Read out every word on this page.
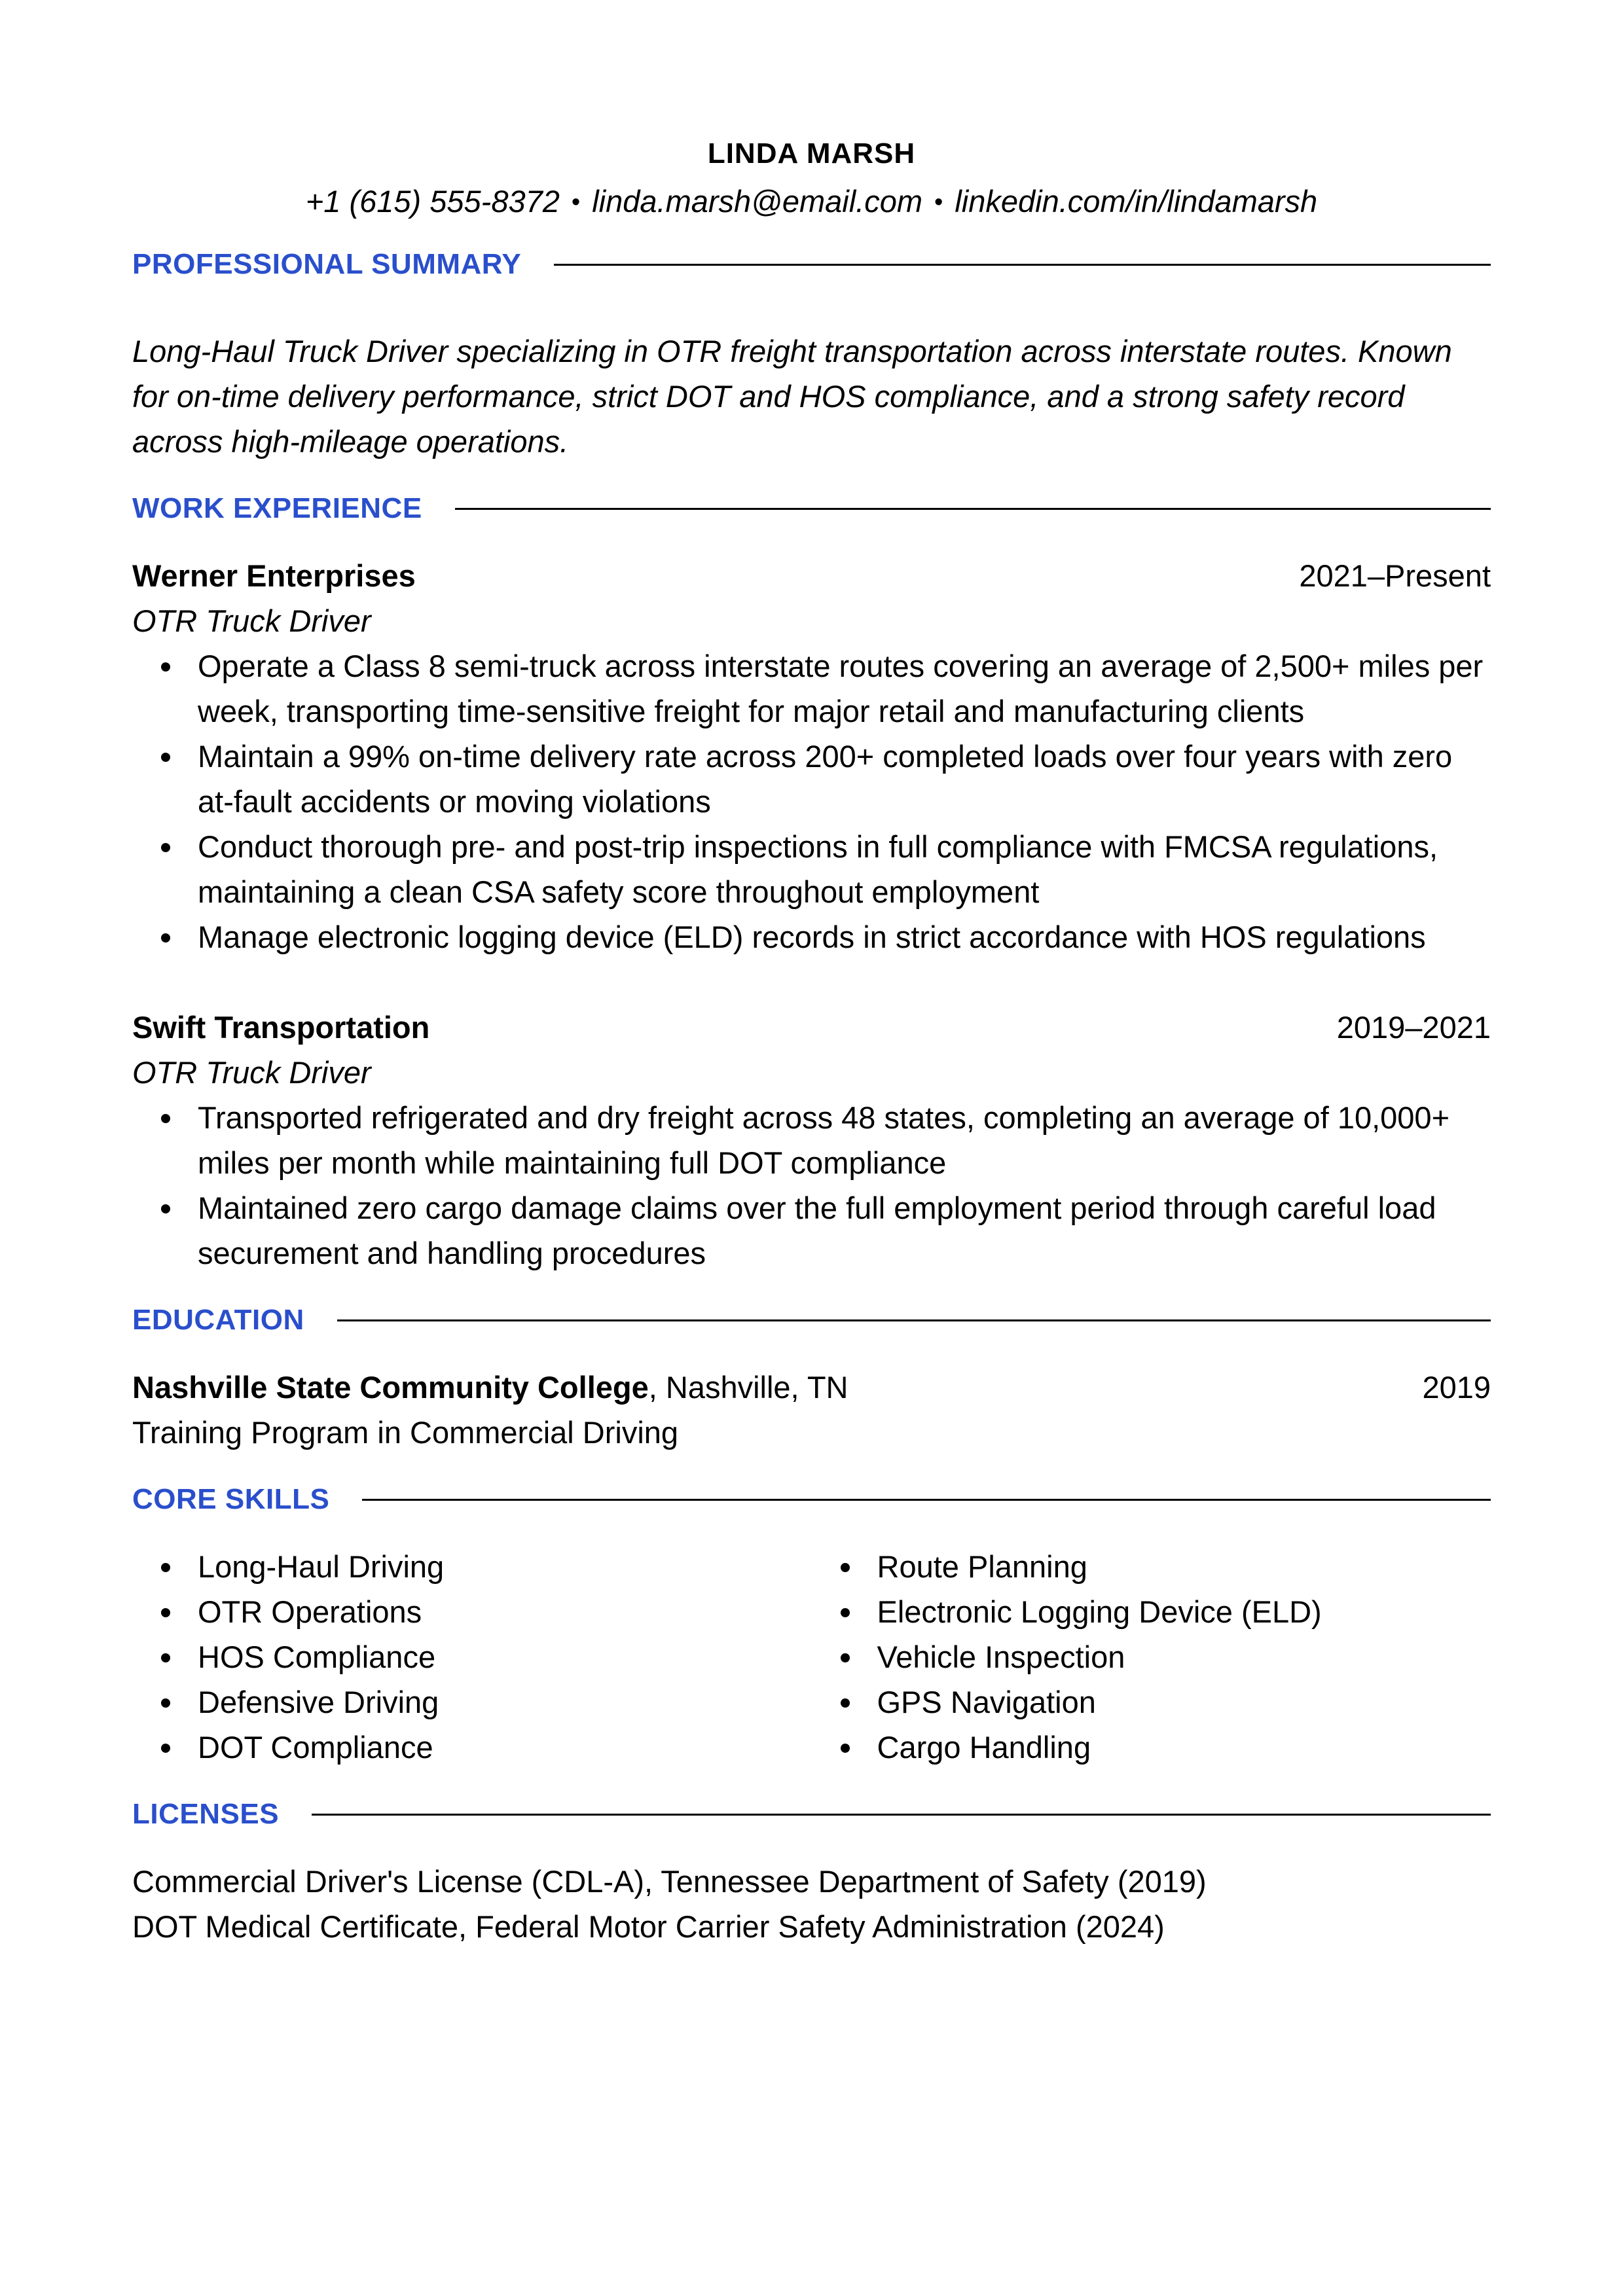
LINDA MARSH
+1 (615) 555-8372 • linda.marsh@email.com • linkedin.com/in/lindamarsh
PROFESSIONAL SUMMARY

Long-Haul Truck Driver specializing in OTR freight transportation across interstate routes. Known for on-time delivery performance, strict DOT and HOS compliance, and a strong safety record across high-mileage operations.

WORK EXPERIENCE
Werner Enterprises	2021–Present
OTR Truck Driver
Operate a Class 8 semi-truck across interstate routes covering an average of 2,500+ miles per week, transporting time-sensitive freight for major retail and manufacturing clients
Maintain a 99% on-time delivery rate across 200+ completed loads over four years with zero at-fault accidents or moving violations
Conduct thorough pre- and post-trip inspections in full compliance with FMCSA regulations, maintaining a clean CSA safety score throughout employment
Manage electronic logging device (ELD) records in strict accordance with HOS regulations
Swift Transportation	2019–2021
OTR Truck Driver
Transported refrigerated and dry freight across 48 states, completing an average of 10,000+ miles per month while maintaining full DOT compliance
Maintained zero cargo damage claims over the full employment period through careful load securement and handling procedures
EDUCATION
Nashville State Community College, Nashville, TN	2019
Training Program in Commercial Driving
CORE SKILLS
Long-Haul Driving
OTR Operations
HOS Compliance
Defensive Driving
DOT Compliance
Route Planning
Electronic Logging Device (ELD)
Vehicle Inspection
GPS Navigation
Cargo Handling
LICENSES
Commercial Driver's License (CDL-A), Tennessee Department of Safety (2019)
DOT Medical Certificate, Federal Motor Carrier Safety Administration (2024)
